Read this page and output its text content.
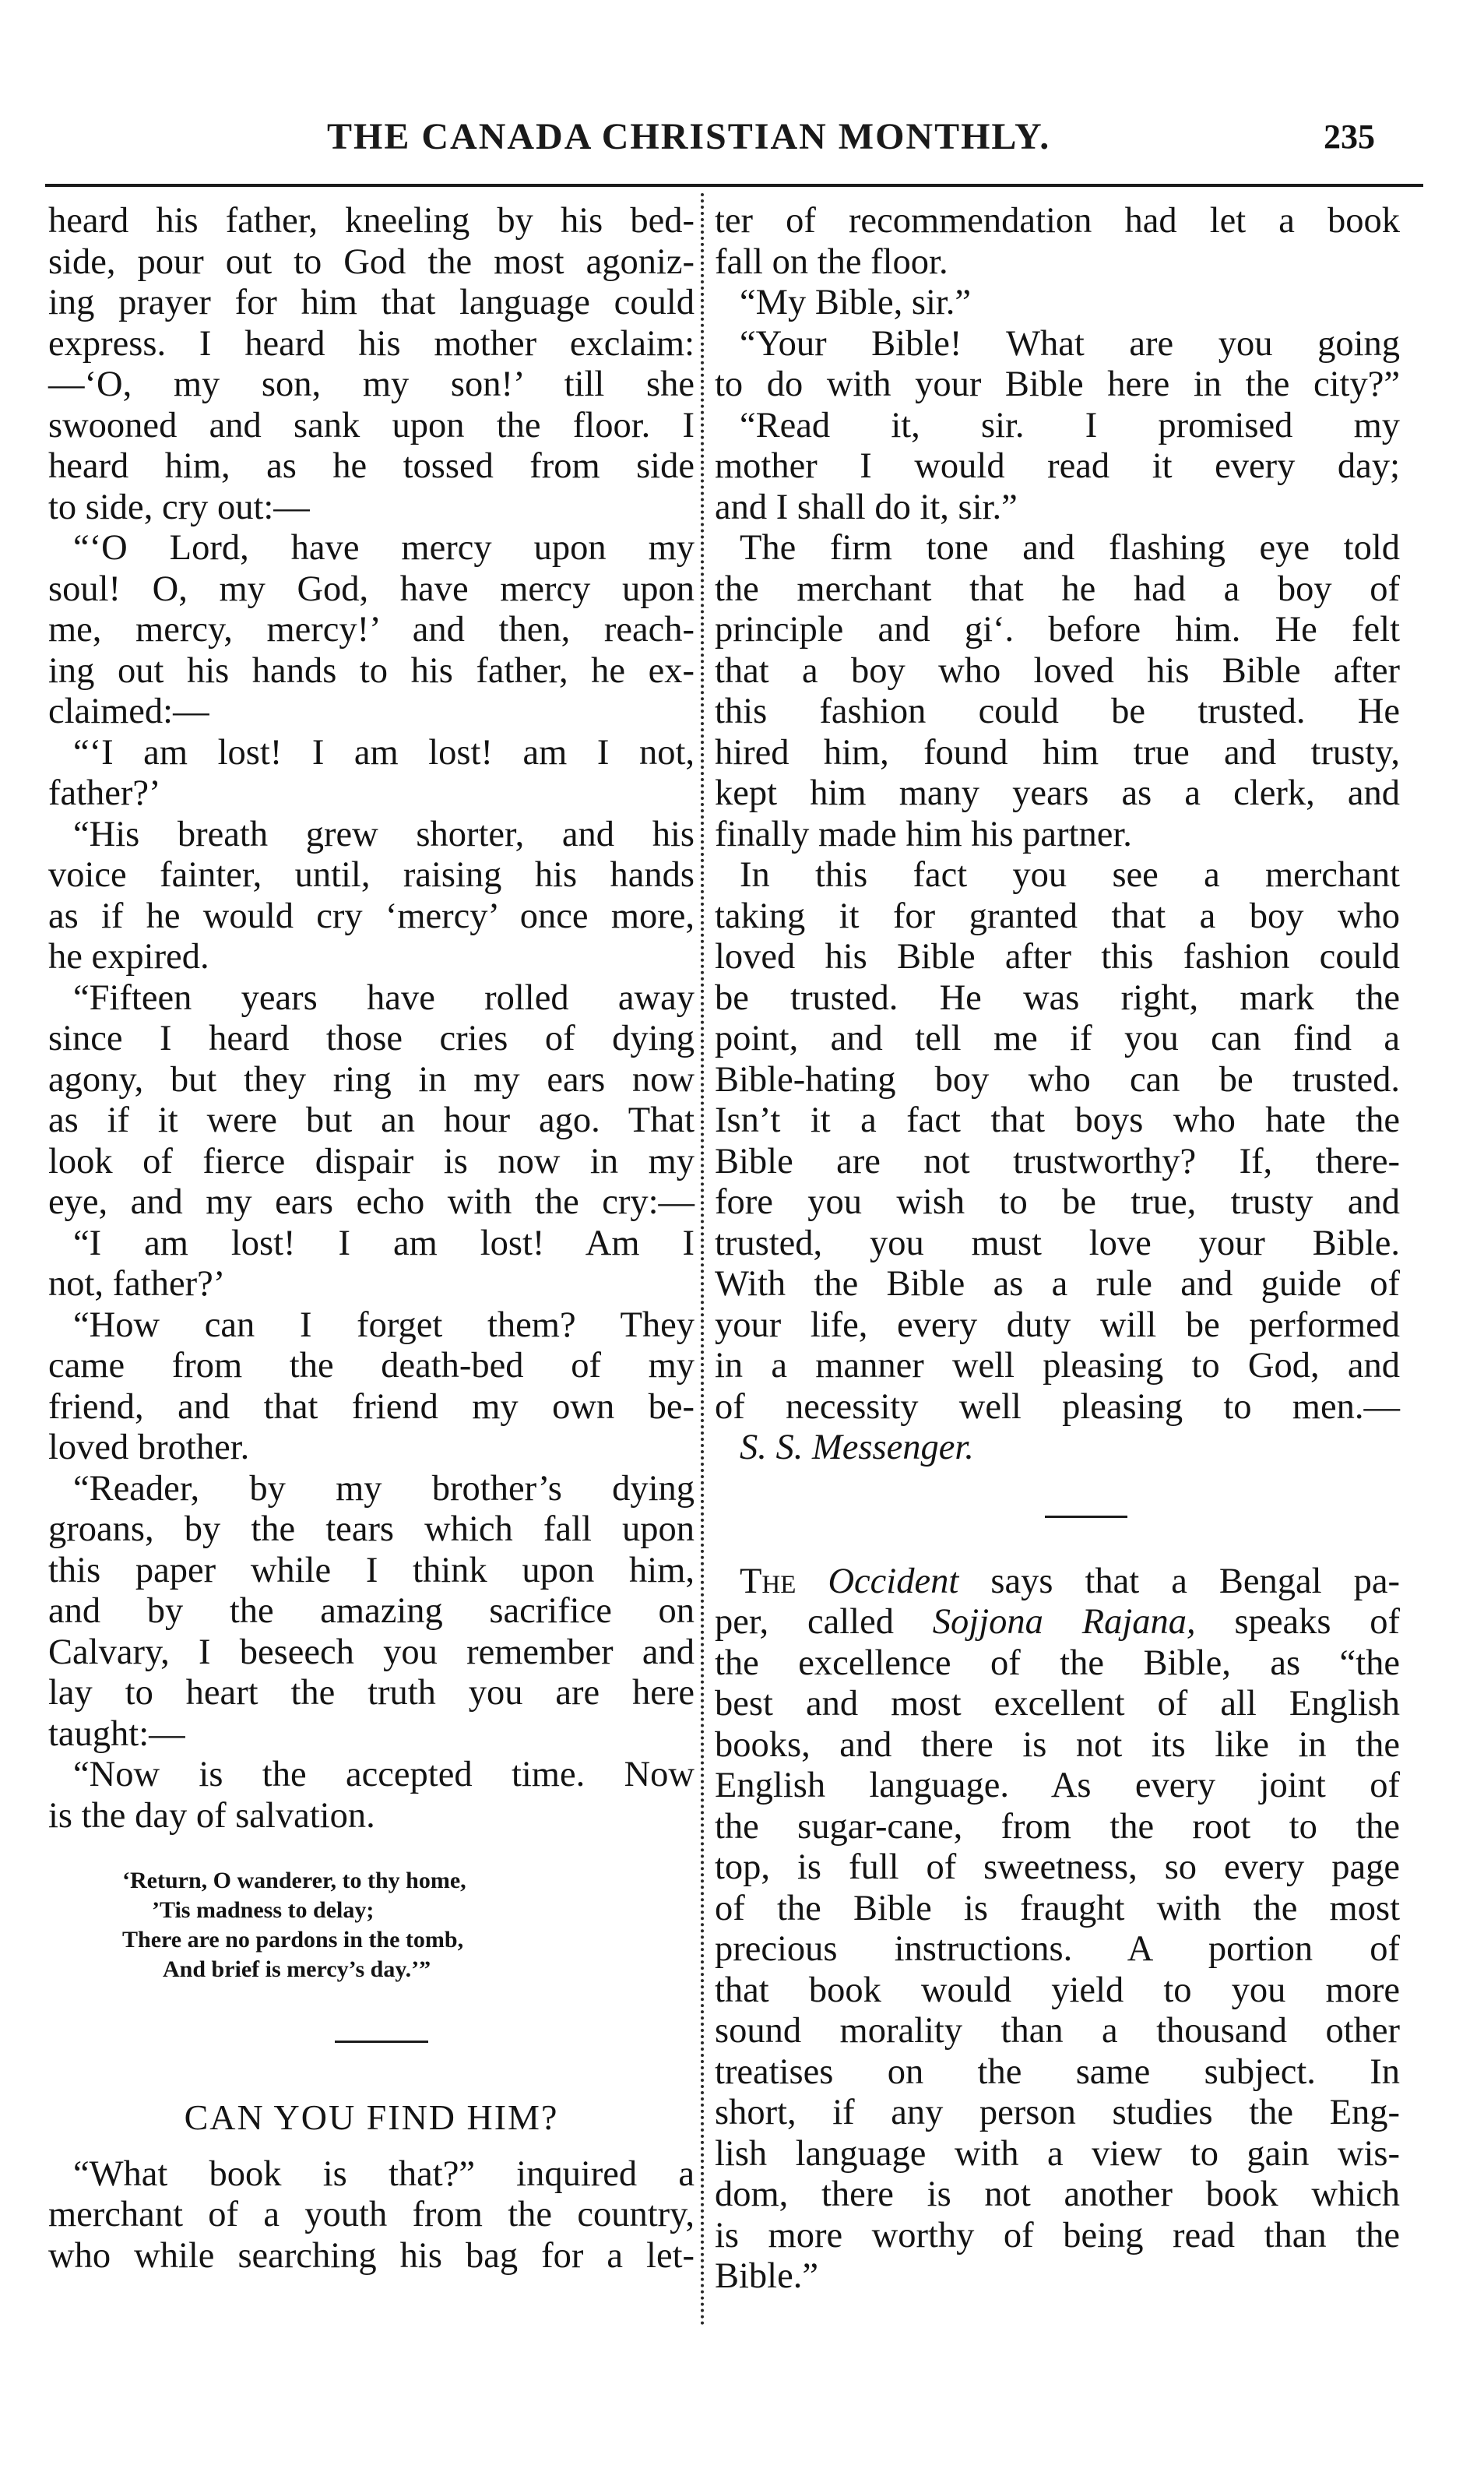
THE CANADA CHRISTIAN MONTHLY.	235
heard his father, kneeling by his bed-
side, pour out to God the most agoniz-
ing prayer for him that language could
express. I heard his mother exclaim:
—‘O, my son, my son!’ till she
swooned and sank upon the floor. I
heard him, as he tossed from side
to side, cry out:—
“‘O Lord, have mercy upon my
soul! O, my God, have mercy upon
me, mercy, mercy!’ and then, reach-
ing out his hands to his father, he ex-
claimed:—
“‘I am lost! I am lost! am I not,
father?’
“His breath grew shorter, and his
voice fainter, until, raising his hands
as if he would cry ‘mercy’ once more,
he expired.
“Fifteen years have rolled away
since I heard those cries of dying
agony, but they ring in my ears now
as if it were but an hour ago. That
look of fierce dispair is now in my
eye, and my ears echo with the cry:—
“I am lost! I am lost! Am I
not, father?’
“How can I forget them? They
came from the death-bed of my
friend, and that friend my own be-
loved brother.
“Reader, by my brother’s dying
groans, by the tears which fall upon
this paper while I think upon him,
and by the amazing sacrifice on
Calvary, I beseech you remember and
lay to heart the truth you are here
taught:—
“Now is the accepted time. Now
is the day of salvation.
‘Return, O wanderer, to thy home,
’Tis madness to delay;
There are no pardons in the tomb,
And brief is mercy’s day.’”
CAN YOU FIND HIM?
“What book is that?” inquired a
merchant of a youth from the country,
who while searching his bag for a let-
ter of recommendation had let a book
fall on the floor.
“My Bible, sir.”
“Your Bible! What are you going
to do with your Bible here in the city?”
“Read it, sir. I promised my
mother I would read it every day;
and I shall do it, sir.”
The firm tone and flashing eye told
the merchant that he had a boy of
principle and gi‘. before him. He felt
that a boy who loved his Bible after
this fashion could be trusted. He
hired him, found him true and trusty,
kept him many years as a clerk, and
finally made him his partner.
In this fact you see a merchant
taking it for granted that a boy who
loved his Bible after this fashion could
be trusted. He was right, mark the
point, and tell me if you can find a
Bible-hating boy who can be trusted.
Isn’t it a fact that boys who hate the
Bible are not trustworthy? If, there-
fore you wish to be true, trusty and
trusted, you must love your Bible.
With the Bible as a rule and guide of
your life, every duty will be performed
in a manner well pleasing to God, and
of necessity well pleasing to men.—
S. S. Messenger.
The Occident says that a Bengal pa-
per, called Sojjona Rajana, speaks of
the excellence of the Bible, as “the
best and most excellent of all English
books, and there is not its like in the
English language. As every joint of
the sugar-cane, from the root to the
top, is full of sweetness, so every page
of the Bible is fraught with the most
precious instructions. A portion of
that book would yield to you more
sound morality than a thousand other
treatises on the same subject. In
short, if any person studies the Eng-
lish language with a view to gain wis-
dom, there is not another book which
is more worthy of being read than the
Bible.”
